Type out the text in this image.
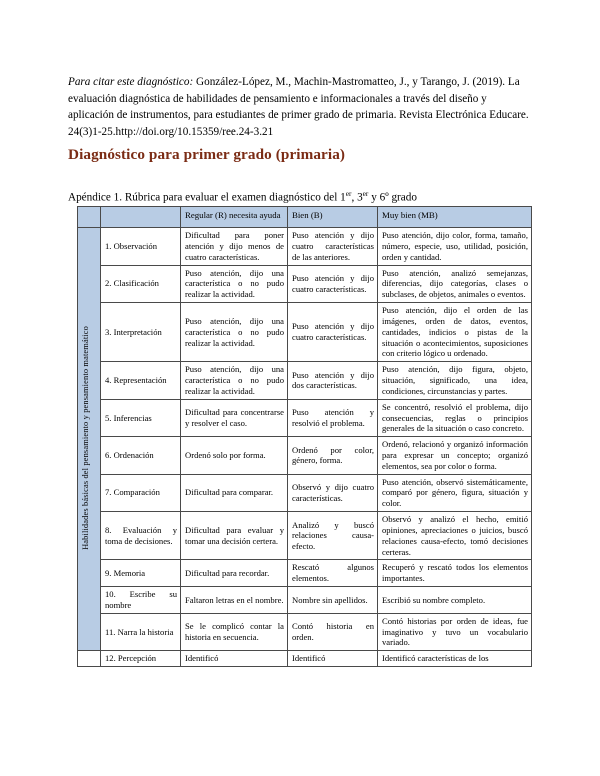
Para citar este diagnóstico: González-López, M., Machin-Mastromatteo, J., y Tarango, J. (2019). La evaluación diagnóstica de habilidades de pensamiento e informacionales a través del diseño y aplicación de instrumentos, para estudiantes de primer grado de primaria. Revista Electrónica Educare. 24(3)1-25.http://doi.org/10.15359/ree.24-3.21

Diagnóstico para primer grado (primaria)

Apéndice 1. Rúbrica para evaluar el examen diagnóstico del 1er, 3er y 6º grado

		Regular (R) necesita ayuda	Bien (B)	Muy bien (MB)
Habilidades básicas del pensamiento y pensamiento matemático	1. Observación	Dificultad para poner atención y dijo menos de cuatro características.	Puso atención y dijo cuatro características de las anteriores.	Puso atención, dijo color, forma, tamaño, número, especie, uso, utilidad, posición, orden y cantidad.
	2. Clasificación	Puso atención, dijo una característica o no pudo realizar la actividad.	Puso atención y dijo cuatro características.	Puso atención, analizó semejanzas, diferencias, dijo categorías, clases o subclases, de objetos, animales o eventos.
	3. Interpretación	Puso atención, dijo una característica o no pudo realizar la actividad.	Puso atención y dijo cuatro características.	Puso atención, dijo el orden de las imágenes, orden de datos, eventos, cantidades, indicios o pistas de la situación o acontecimientos, suposiciones con criterio lógico u ordenado.
	4. Representación	Puso atención, dijo una característica o no pudo realizar la actividad.	Puso atención y dijo dos características.	Puso atención, dijo figura, objeto, situación, significado, una idea, condiciones, circunstancias y partes.
	5. Inferencias	Dificultad para concentrarse y resolver el caso.	Puso atención y resolvió el problema.	Se concentró, resolvió el problema, dijo consecuencias, reglas o principios generales de la situación o caso concreto.
	6. Ordenación	Ordenó solo por forma.	Ordenó por color, género, forma.	Ordenó, relacionó y organizó información para expresar un concepto; organizó elementos, sea por color o forma.
	7. Comparación	Dificultad para comparar.	Observó y dijo cuatro características.	Puso atención, observó sistemáticamente, comparó por género, figura, situación y color.
	8. Evaluación y toma de decisiones.	Dificultad para evaluar y tomar una decisión certera.	Analizó y buscó relaciones causa-efecto.	Observó y analizó el hecho, emitió opiniones, apreciaciones o juicios, buscó relaciones causa-efecto, tomó decisiones certeras.
	9. Memoria	Dificultad para recordar.	Rescató algunos elementos.	Recuperó y rescató todos los elementos importantes.
	10. Escribe su nombre	Faltaron letras en el nombre.	Nombre sin apellidos.	Escribió su nombre completo.
	11. Narra la historia	Se le complicó contar la historia en secuencia.	Contó historia en orden.	Contó historias por orden de ideas, fue imaginativo y tuvo un vocabulario variado.
	12. Percepción	Identificó	Identificó	Identificó características de los
